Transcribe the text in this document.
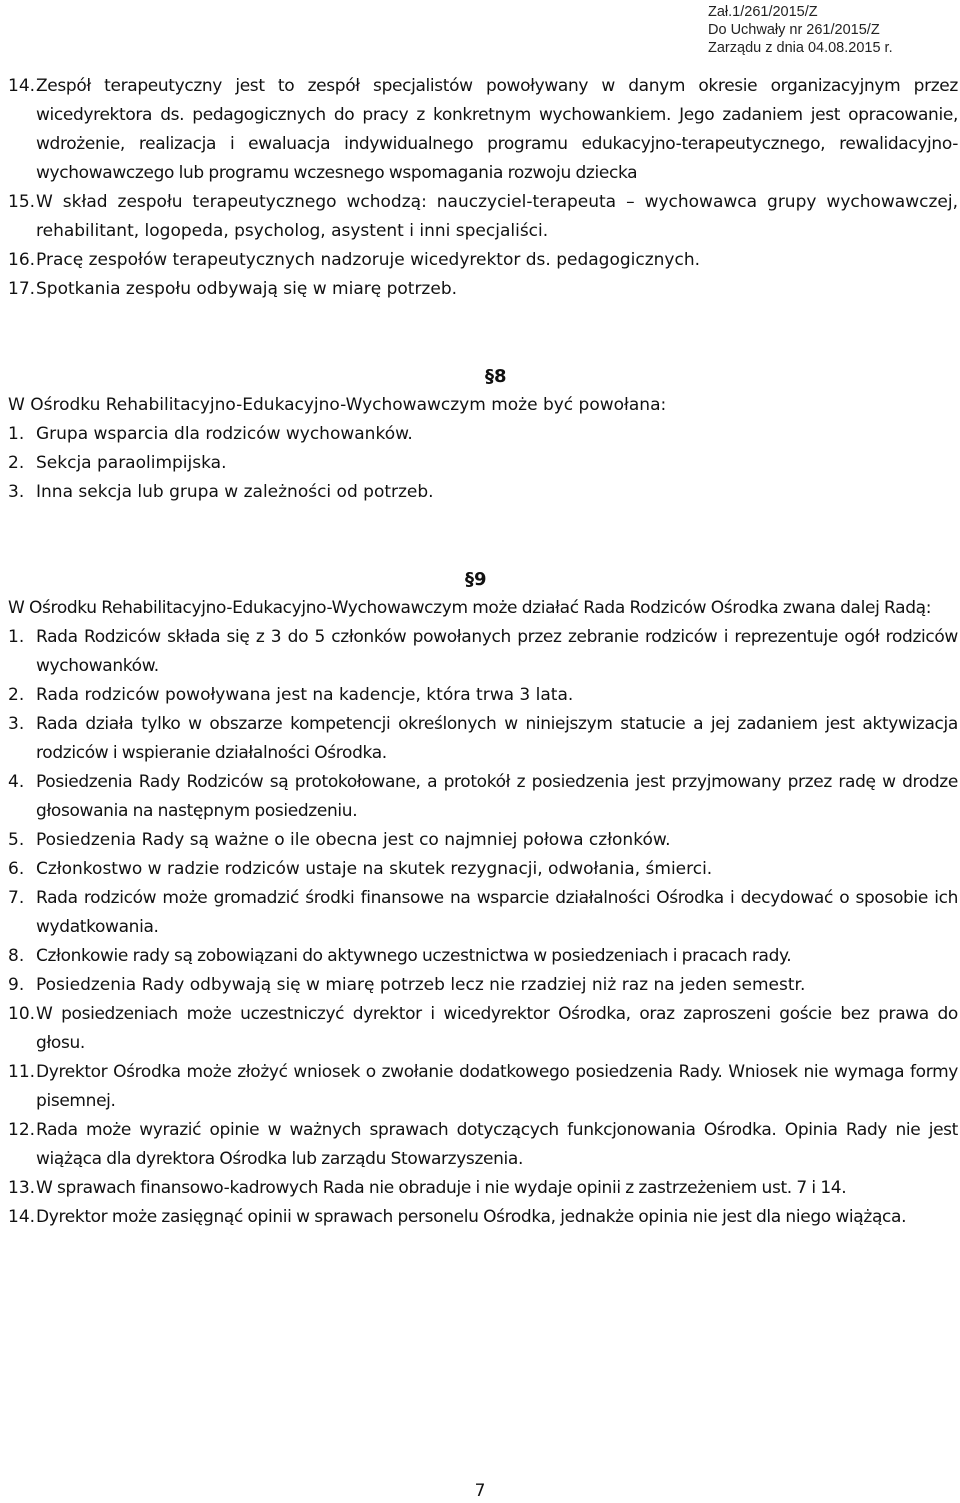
Zał.1/261/2015/Z
Do Uchwały nr 261/2015/Z
Zarządu z dnia 04.08.2015 r.
14. Zespół terapeutyczny jest to zespół specjalistów powoływany w danym okresie organizacyjnym przez wicedyrektora ds. pedagogicznych do pracy z konkretnym wychowankiem. Jego zadaniem jest opracowanie, wdrożenie, realizacja i ewaluacja indywidualnego programu edukacyjno-terapeutycznego, rewalidacyjno-wychowawczego lub programu wczesnego wspomagania rozwoju dziecka
15. W skład zespołu terapeutycznego wchodzą: nauczyciel-terapeuta – wychowawca grupy wychowawczej, rehabilitant, logopeda, psycholog, asystent i inni specjaliści.
16. Pracę zespołów terapeutycznych nadzoruje wicedyrektor ds. pedagogicznych.
17. Spotkania zespołu odbywają się w miarę potrzeb.

§8

W Ośrodku Rehabilitacyjno-Edukacyjno-Wychowawczym może być powołana:

1. Grupa wsparcia dla rodziców wychowanków.
2. Sekcja paraolimpijska.
3. Inna sekcja lub grupa w zależności od potrzeb.

§9

W Ośrodku Rehabilitacyjno-Edukacyjno-Wychowawczym może działać Rada Rodziców Ośrodka zwana dalej Radą:

1. Rada Rodziców składa się z 3 do 5 członków powołanych przez zebranie rodziców i reprezentuje ogół rodziców wychowanków.
2. Rada rodziców powoływana jest na kadencje, która trwa 3 lata.
3. Rada działa tylko w obszarze kompetencji określonych w niniejszym statucie a jej zadaniem jest aktywizacja rodziców i wspieranie działalności Ośrodka.
4. Posiedzenia Rady Rodziców są protokołowane, a protokół z posiedzenia jest przyjmowany przez radę w drodze głosowania na następnym posiedzeniu.
5. Posiedzenia Rady są ważne o ile obecna jest co najmniej połowa członków.
6. Członkostwo w radzie rodziców ustaje na skutek rezygnacji, odwołania, śmierci.
7. Rada rodziców może gromadzić środki finansowe na wsparcie działalności Ośrodka i decydować o sposobie ich wydatkowania.
8. Członkowie rady są zobowiązani do aktywnego uczestnictwa w posiedzeniach i pracach rady.
9. Posiedzenia Rady odbywają się w miarę potrzeb lecz nie rzadziej niż raz na jeden semestr.
10. W posiedzeniach może uczestniczyć dyrektor i wicedyrektor Ośrodka, oraz zaproszeni goście bez prawa do głosu.
11. Dyrektor Ośrodka może złożyć wniosek o zwołanie dodatkowego posiedzenia Rady. Wniosek nie wymaga formy pisemnej.
12. Rada może wyrazić opinie w ważnych sprawach dotyczących funkcjonowania Ośrodka. Opinia Rady nie jest wiążąca dla dyrektora Ośrodka lub zarządu Stowarzyszenia.
13. W sprawach finansowo-kadrowych Rada nie obraduje i nie wydaje opinii z zastrzeżeniem ust. 7 i 14.
14. Dyrektor może zasięgnąć opinii w sprawach personelu Ośrodka, jednakże opinia nie jest dla niego wiążąca.
7
